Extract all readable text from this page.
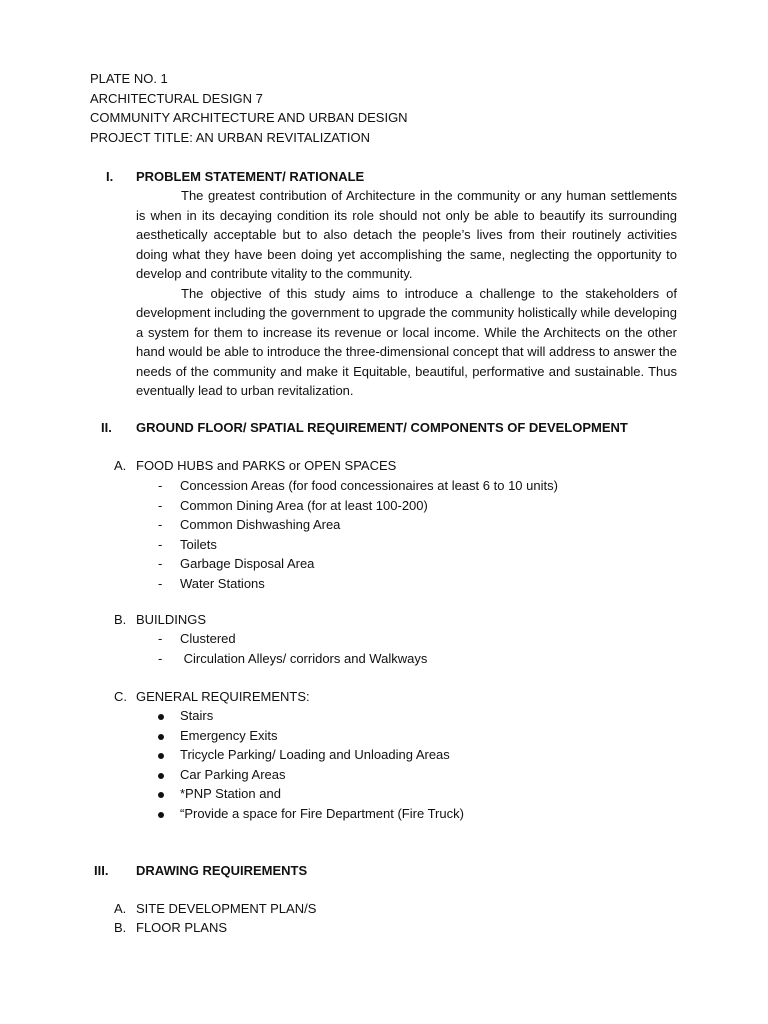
PLATE NO. 1
ARCHITECTURAL DESIGN 7
COMMUNITY ARCHITECTURE AND URBAN DESIGN
PROJECT TITLE: AN URBAN REVITALIZATION
I. PROBLEM STATEMENT/ RATIONALE

The greatest contribution of Architecture in the community or any human settlements is when in its decaying condition its role should not only be able to beautify its surrounding aesthetically acceptable but to also detach the people’s lives from their routinely activities doing what they have been doing yet accomplishing the same, neglecting the opportunity to develop and contribute vitality to the community.

The objective of this study aims to introduce a challenge to the stakeholders of development including the government to upgrade the community holistically while developing a system for them to increase its revenue or local income. While the Architects on the other hand would be able to introduce the three-dimensional concept that will address to answer the needs of the community and make it Equitable, beautiful, performative and sustainable. Thus eventually lead to urban revitalization.

II. GROUND FLOOR/ SPATIAL REQUIREMENT/ COMPONENTS OF DEVELOPMENT
A. FOOD HUBS and PARKS or OPEN SPACES
-	Concession Areas (for food concessionaires at least 6 to 10 units)
-	Common Dining Area (for at least 100-200)
-	Common Dishwashing Area
-	Toilets
-	Garbage Disposal Area
-	Water Stations
B. BUILDINGS
-	Clustered
-	Circulation Alleys/ corridors and Walkways
C. GENERAL REQUIREMENTS:
Stairs
Emergency Exits
Tricycle Parking/ Loading and Unloading Areas
Car Parking Areas
*PNP Station and
“Provide a space for Fire Department (Fire Truck)
III. DRAWING REQUIREMENTS
A. SITE DEVELOPMENT PLAN/S
B. FLOOR PLANS
